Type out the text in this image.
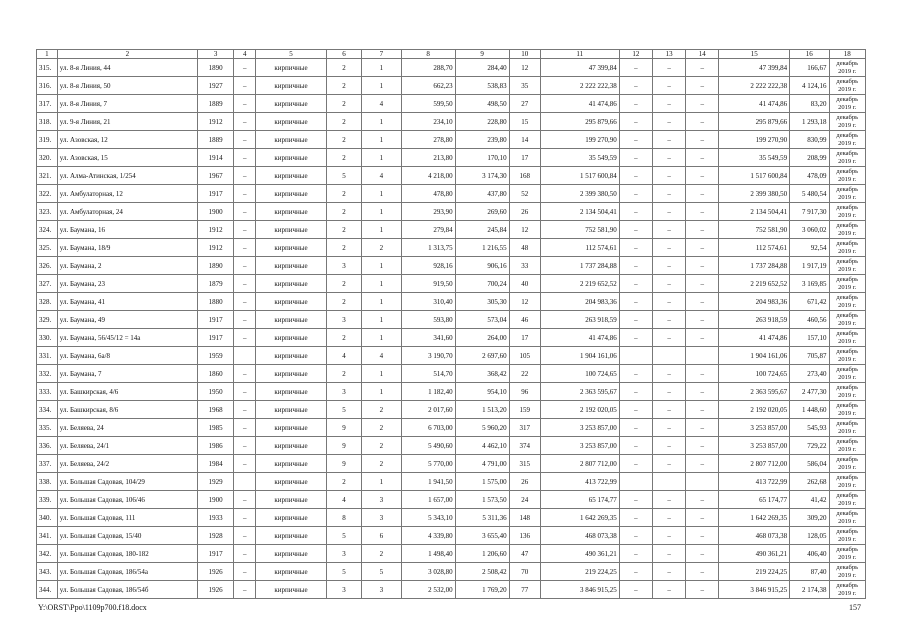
1	2	3	4	5	6	7	8	9	10	11	12	13	14	15	16	18
315.	ул. 8-я Линия, 44	1890	–	кирпичные	2	1	288,70	284,40	12	47 399,84	–	–	–	47 399,84	166,67	декабрь 2019 г.
316.	ул. 8-я Линия, 50	1927	–	кирпичные	2	1	662,23	538,83	35	2 222 222,38	–	–	–	2 222 222,38	4 124,16	декабрь 2019 г.
317.	ул. 8-я Линия, 7	1889	–	кирпичные	2	4	599,50	498,50	27	41 474,86	–	–	–	41 474,86	83,20	декабрь 2019 г.
318.	ул. 9-я Линия, 21	1912	–	кирпичные	2	1	234,10	228,80	15	295 879,66	–	–	–	295 879,66	1 293,18	декабрь 2019 г.
319.	ул. Азовская, 12	1889	–	кирпичные	2	1	278,80	239,80	14	199 270,90	–	–	–	199 270,90	830,99	декабрь 2019 г.
320.	ул. Азовская, 15	1914	–	кирпичные	2	1	213,80	170,10	17	35 549,59	–	–	–	35 549,59	208,99	декабрь 2019 г.
321.	ул. Алма-Атинская, 1/254	1967	–	кирпичные	5	4	4 218,00	3 174,30	168	1 517 600,84	–	–	–	1 517 600,84	478,09	декабрь 2019 г.
322.	ул. Амбулаторная, 12	1917	–	кирпичные	2	1	478,80	437,80	52	2 399 380,50	–	–	–	2 399 380,50	5 480,54	декабрь 2019 г.
323.	ул. Амбулаторная, 24	1900	–	кирпичные	2	1	293,90	269,60	26	2 134 504,41	–	–	–	2 134 504,41	7 917,30	декабрь 2019 г.
324.	ул. Баумана, 16	1912	–	кирпичные	2	1	279,84	245,84	12	752 581,90	–	–	–	752 581,90	3 060,02	декабрь 2019 г.
325.	ул. Баумана, 18/9	1912	–	кирпичные	2	2	1 313,75	1 216,55	48	112 574,61	–	–	–	112 574,61	92,54	декабрь 2019 г.
326.	ул. Баумана, 2	1890	–	кирпичные	3	1	928,16	906,16	33	1 737 284,88	–	–	–	1 737 284,88	1 917,19	декабрь 2019 г.
327.	ул. Баумана, 23	1879	–	кирпичные	2	1	919,50	700,24	40	2 219 652,52	–	–	–	2 219 652,52	3 169,85	декабрь 2019 г.
328.	ул. Баумана, 41	1880	–	кирпичные	2	1	310,40	305,30	12	204 983,36	–	–	–	204 983,36	671,42	декабрь 2019 г.
329.	ул. Баумана, 49	1917	–	кирпичные	3	1	593,80	573,04	46	263 918,59	–	–	–	263 918,59	460,56	декабрь 2019 г.
330.	ул. Баумана, 56/45/12 = 14а	1917	–	кирпичные	2	1	341,60	264,00	17	41 474,86	–	–	–	41 474,86	157,10	декабрь 2019 г.
331.	ул. Баумана, 6а/8	1959		кирпичные	4	4	3 190,70	2 697,60	105	1 904 161,06				1 904 161,06	705,87	декабрь 2019 г.
332.	ул. Баумана, 7	1860	–	кирпичные	2	1	514,70	368,42	22	100 724,65	–	–	–	100 724,65	273,40	декабрь 2019 г.
333.	ул. Башкирская, 4/6	1950	–	кирпичные	3	1	1 182,40	954,10	96	2 363 595,67	–	–	–	2 363 595,67	2 477,30	декабрь 2019 г.
334.	ул. Башкирская, 8/6	1968	–	кирпичные	5	2	2 017,60	1 513,20	159	2 192 020,05	–	–	–	2 192 020,05	1 448,60	декабрь 2019 г.
335.	ул. Беляева, 24	1985	–	кирпичные	9	2	6 703,00	5 960,20	317	3 253 857,00	–	–	–	3 253 857,00	545,93	декабрь 2019 г.
336.	ул. Беляева, 24/1	1986	–	кирпичные	9	2	5 490,60	4 462,10	374	3 253 857,00	–	–	–	3 253 857,00	729,22	декабрь 2019 г.
337.	ул. Беляева, 24/2	1984	–	кирпичные	9	2	5 770,00	4 791,00	315	2 807 712,00	–	–	–	2 807 712,00	586,04	декабрь 2019 г.
338.	ул. Большая Садовая, 104/29	1929		кирпичные	2	1	1 941,50	1 575,00	26	413 722,99				413 722,99	262,68	декабрь 2019 г.
339.	ул. Большая Садовая, 106/46	1900	–	кирпичные	4	3	1 657,00	1 573,50	24	65 174,77	–	–	–	65 174,77	41,42	декабрь 2019 г.
340.	ул. Большая Садовая, 111	1933	–	кирпичные	8	3	5 343,10	5 311,36	148	1 642 269,35	–	–	–	1 642 269,35	309,20	декабрь 2019 г.
341.	ул. Большая Садовая, 15/40	1928	–	кирпичные	5	6	4 339,80	3 655,40	136	468 073,38	–	–	–	468 073,38	128,05	декабрь 2019 г.
342.	ул. Большая Садовая, 180-182	1917	–	кирпичные	3	2	1 498,40	1 206,60	47	490 361,21	–	–	–	490 361,21	406,40	декабрь 2019 г.
343.	ул. Большая Садовая, 186/54а	1926	–	кирпичные	5	5	3 028,80	2 508,42	70	219 224,25	–	–	–	219 224,25	87,40	декабрь 2019 г.
344.	ул. Большая Садовая, 186/54б	1926	–	кирпичные	3	3	2 532,00	1 769,20	77	3 846 915,25	–	–	–	3 846 915,25	2 174,38	декабрь 2019 г.
Y:\ORST\Ppo\1109p700.f18.docx	157
